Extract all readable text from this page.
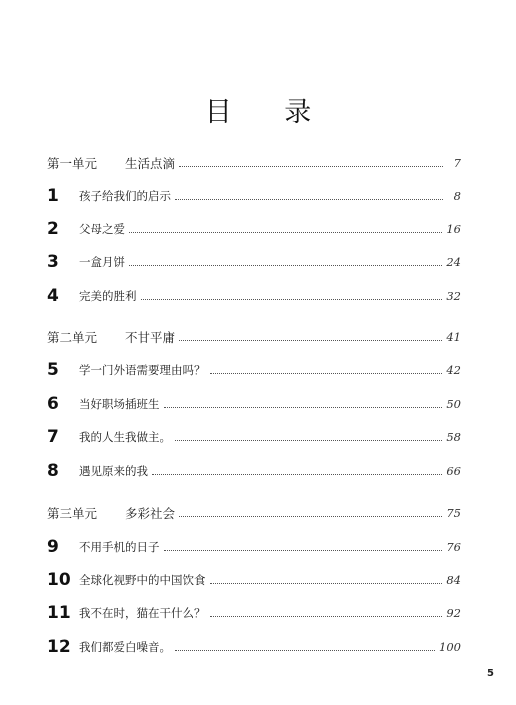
目 录
第一单元	生活点滴	7
1	孩子给我们的启示	8
2	父母之爱	16
3	一盒月饼	24
4	完美的胜利	32
第二单元	不甘平庸	41
5	学一门外语需要理由吗？	42
6	当好职场插班生	50
7	我的人生我做主。	58
8	遇见原来的我	66
第三单元	多彩社会	75
9	不用手机的日子	76
10 全球化视野中的中国饮食	84
11 我不在时，猫在干什么？	92
12 我们都爱白噪音。	100
5
